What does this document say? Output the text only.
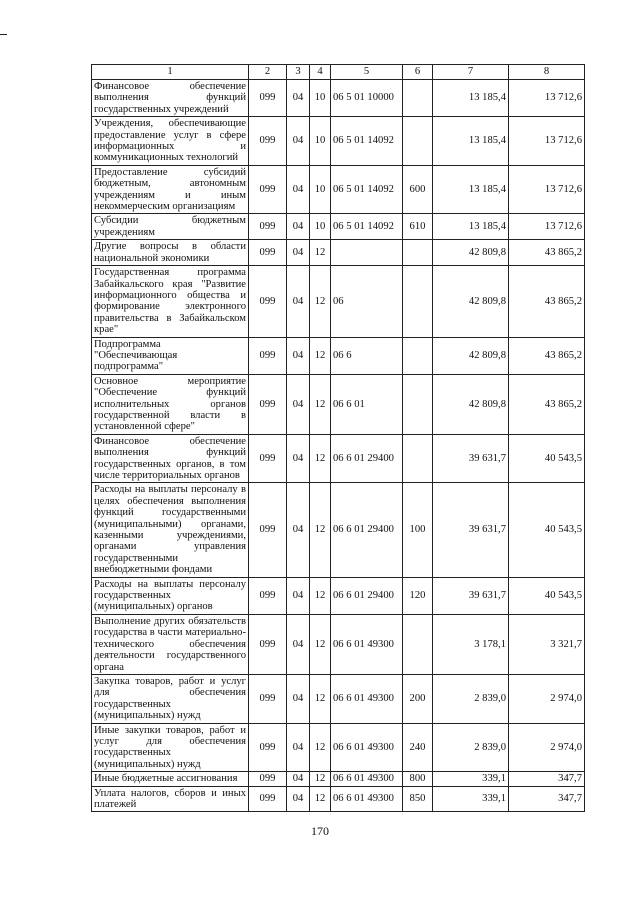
1	2	3	4	5	6	7	8
Финансовое обеспечение выполнения функций государственных учреждений	099	04	10	06 5 01 10000		13 185,4	13 712,6
Учреждения, обеспечивающие предоставление услуг в сфере информационных и коммуникационных технологий	099	04	10	06 5 01 14092		13 185,4	13 712,6
Предоставление субсидий бюджетным, автономным учреждениям и иным некоммерческим организациям	099	04	10	06 5 01 14092	600	13 185,4	13 712,6
Субсидии бюджетным учреждениям	099	04	10	06 5 01 14092	610	13 185,4	13 712,6
Другие вопросы в области национальной экономики	099	04	12			42 809,8	43 865,2
Государственная программа Забайкальского края "Развитие информационного общества и формирование электронного правительства в Забайкальском крае"	099	04	12	06		42 809,8	43 865,2
Подпрограмма "Обеспечивающая подпрограмма"	099	04	12	06 6		42 809,8	43 865,2
Основное мероприятие "Обеспечение функций исполнительных органов государственной власти в установленной сфере"	099	04	12	06 6 01		42 809,8	43 865,2
Финансовое обеспечение выполнения функций государственных органов, в том числе территориальных органов	099	04	12	06 6 01 29400		39 631,7	40 543,5
Расходы на выплаты персоналу в целях обеспечения выполнения функций государственными (муниципальными) органами, казенными учреждениями, органами управления государственными внебюджетными фондами	099	04	12	06 6 01 29400	100	39 631,7	40 543,5
Расходы на выплаты персоналу государственных (муниципальных) органов	099	04	12	06 6 01 29400	120	39 631,7	40 543,5
Выполнение других обязательств государства в части материально-технического обеспечения деятельности государственного органа	099	04	12	06 6 01 49300		3 178,1	3 321,7
Закупка товаров, работ и услуг для обеспечения государственных (муниципальных) нужд	099	04	12	06 6 01 49300	200	2 839,0	2 974,0
Иные закупки товаров, работ и услуг для обеспечения государственных (муниципальных) нужд	099	04	12	06 6 01 49300	240	2 839,0	2 974,0
Иные бюджетные ассигнования	099	04	12	06 6 01 49300	800	339,1	347,7
Уплата налогов, сборов и иных платежей	099	04	12	06 6 01 49300	850	339,1	347,7
170
